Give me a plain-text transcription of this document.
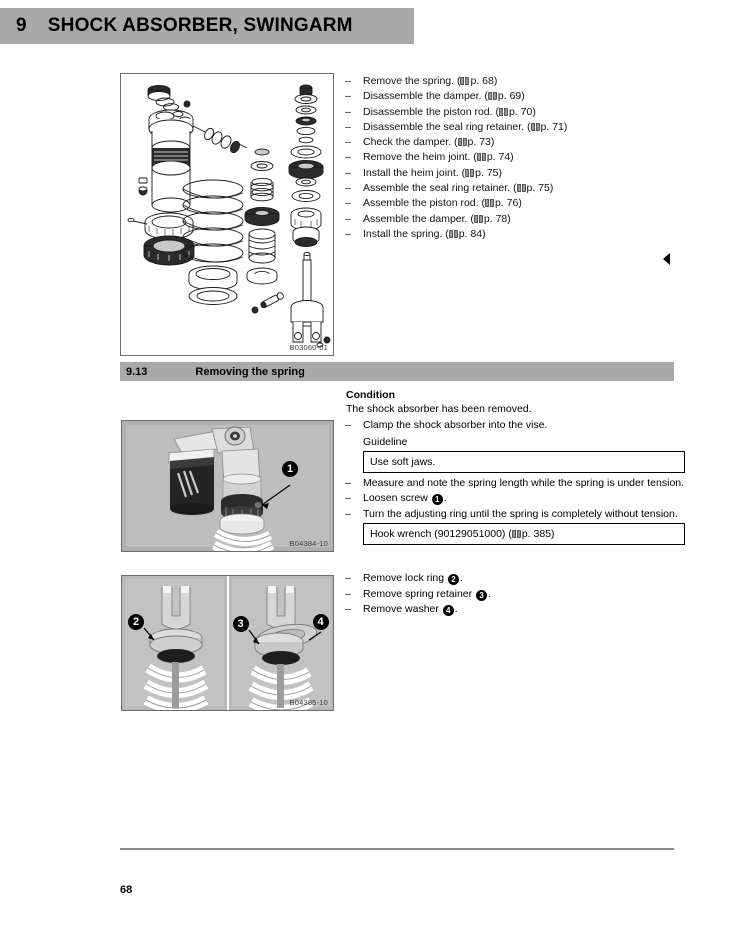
9 SHOCK ABSORBER, SWINGARM
B03060-01
–	Remove the spring. ( p. 68)
–	Disassemble the damper. ( p. 69)
–	Disassemble the piston rod. ( p. 70)
–	Disassemble the seal ring retainer. ( p. 71)
–	Check the damper. ( p. 73)
–	Remove the heim joint. ( p. 74)
–	Install the heim joint. ( p. 75)
–	Assemble the seal ring retainer. ( p. 75)
–	Assemble the piston rod. ( p. 76)
–	Assemble the damper. ( p. 78)
–	Install the spring. ( p. 84)
9.13	Removing the spring
Condition
The shock absorber has been removed.
1
B04384-10
2	3	4
B04385-10
–	Clamp the shock absorber into the vise.
Guideline
Use soft jaws.
–	Measure and note the spring length while the spring is under tension.
–	Loosen screw 1 .
–	Turn the adjusting ring until the spring is completely without tension.
Hook wrench (90129051000) ( p. 385)
–	Remove lock ring 2 .
–	Remove spring retainer 3 .
–	Remove washer 4 .
68
